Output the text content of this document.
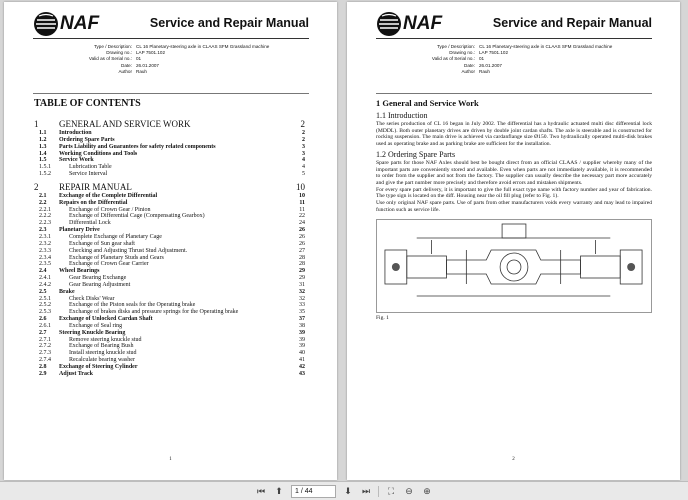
NAF	Service and Repair Manual
Type / Description: CL 16 Planetary-steering axle in CLAAS SFM Grassland machine
Drawing no.: LAP 7501.102
Valid as of Serial no.: 01
Date: 26.01.2007
Author Rauh
TABLE OF CONTENTS
1	GENERAL AND SERVICE WORK	2
1.1	Introduction	2
1.2	Ordering Spare Parts	2
1.3	Parts Liability and Guarantees for safety related components	3
1.4	Working Conditions and Tools	3
1.5	Service Work	4
1.5.1	Lubrication Table	4
1.5.2	Service Interval	5
2	REPAIR MANUAL	10
2.1	Exchange of the Complete Differential	10
2.2	Repairs on the Differential	11
2.2.1	Exchange of Crown Gear / Pinion	11
2.2.2	Exchange of Differential Cage (Compensating Gearbox)	22
2.2.3	Differential Lock	24
2.3	Planetary Drive	26
2.3.1	Complete Exchange of Planetary Cage	26
2.3.2	Exchange of Sun gear shaft	26
2.3.3	Checking and Adjusting Thrust Stud Adjustment.	27
2.3.4	Exchange of Planetary Studs and Gears	28
2.3.5	Exchange of Crown Gear Carrier	28
2.4	Wheel Bearings	29
2.4.1	Gear Bearing Exchange	29
2.4.2	Gear Bearing Adjustment	31
2.5	Brake	32
2.5.1	Check Disks' Wear	32
2.5.2	Exchange of the Piston seals for the Operating brake	33
2.5.3	Exchange of brakes disks and pressure springs for the Operating brake	35
2.6	Exchange of Unlocked Cardan Shaft	37
2.6.1	Exchange of Seal ring	38
2.7	Steering Knuckle Bearing	39
2.7.1	Remove steering knuckle stud	39
2.7.2	Exchange of Bearing Bush	39
2.7.3	Install steering knuckle stud	40
2.7.4	Recalculate bearing washer	41
2.8	Exchange of Steering Cylinder	42
2.9	Adjust Track	43
1
NAF	Service and Repair Manual
Type / Description: CL 16 Planetary-steering axle in CLAAS SFM Grassland machine
Drawing no.: LAP 7501.102
Valid as of Serial no.: 01
Date: 26.01.2007
Author Rauh
1 General and Service Work
1.1 Introduction
The series production of CL 16 began in July 2002. The differential has a hydraulic actuated multi disc differential lock (MDDL). Both outer planetary drives are driven by double joint cardan shafts. The axle is steerable and is constructed for rocking suspension. The main drive is achieved via cardanflange size Ø150. Two hydraulically operated multi-disk brakes used as operating brake and as parking brake are sufficient for the installation.
1.2 Ordering Spare Parts
Spare parts for those NAF Axles should best be bought direct from an official CLAAS / supplier whereby many of the important parts are conveniently stored and available. Even when parts are not immediately available, it is recommended to order from the supplier and not from the factory. The supplier can usually describe the necessary part more accurately and give the part number more precisely and therefore avoid errors and mistaken shipments.
For every spare part delivery, it is important to give the full exact type name with factory number and year of fabrication. The type sign is located on the diff. Housing near the oil fill plug (refer to Fig. 1).
Use only original NAF spare parts. Use of parts from other manufacturers voids every warranty and may lead to impaired function such as service life.
Fig. 1
2
⏮ ⬆	1 / 44	⬇ ⏭	⛶	⊖ ⊕
